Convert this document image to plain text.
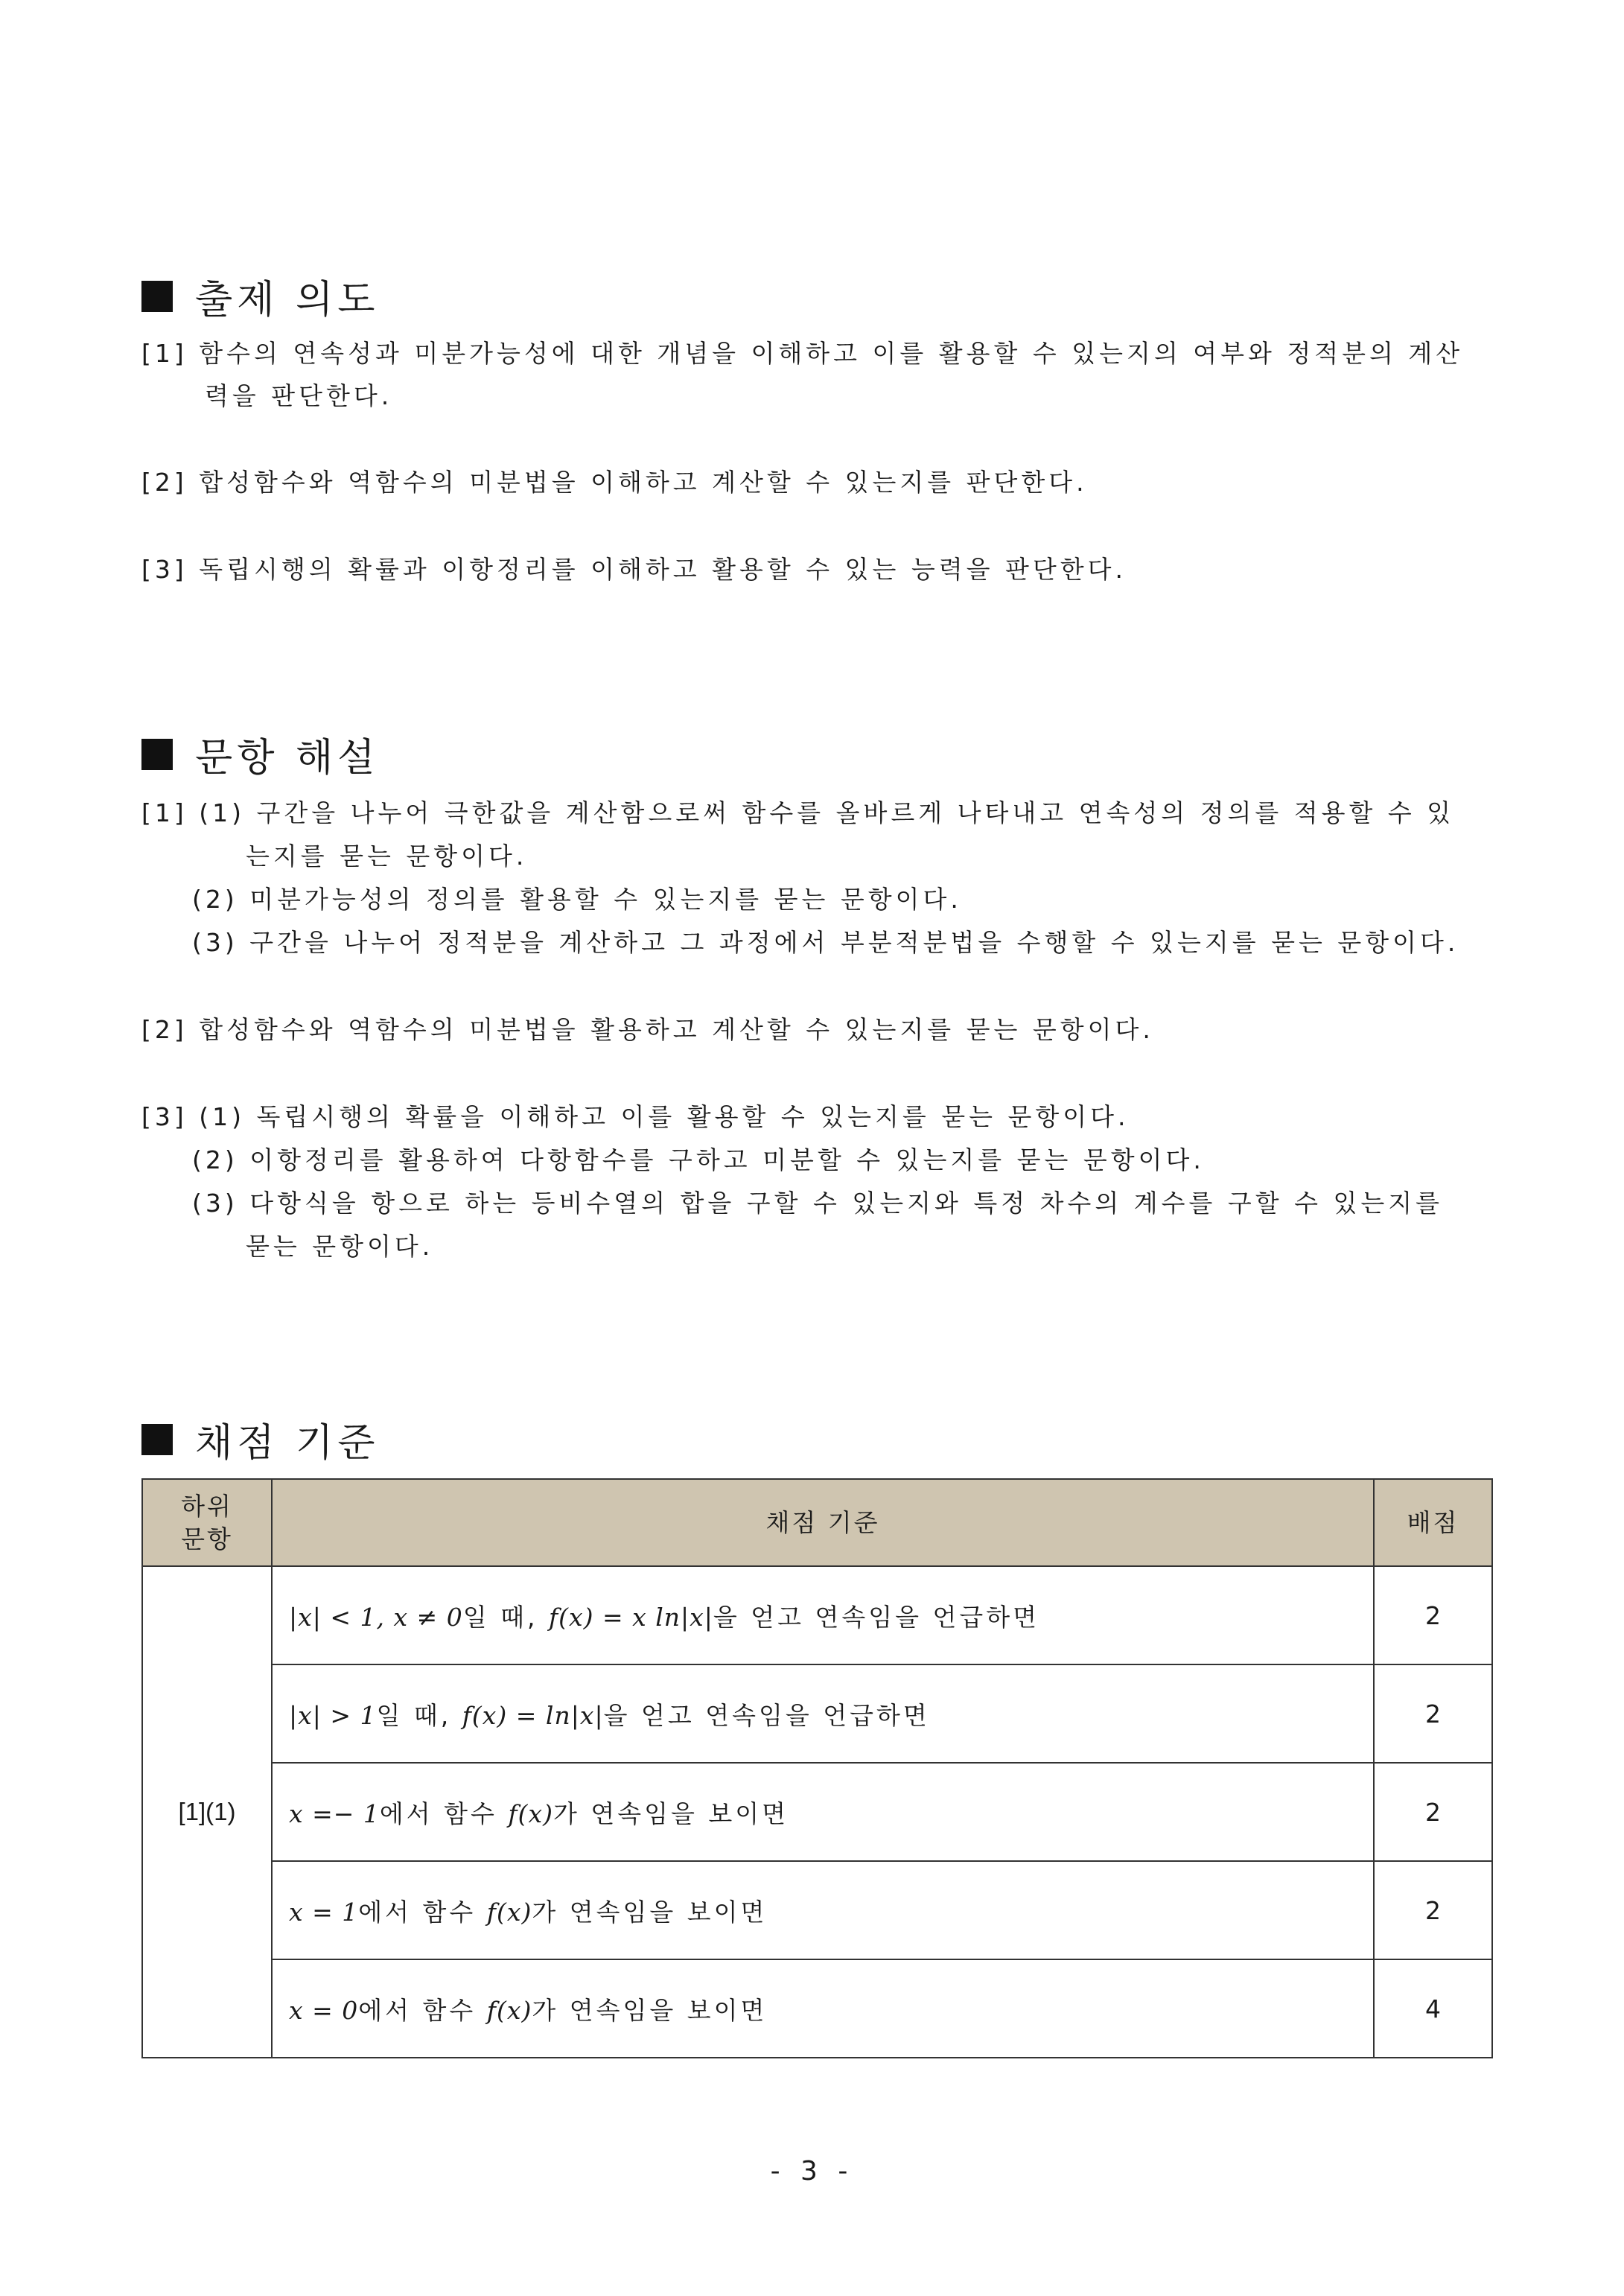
출제 의도
[1] 함수의 연속성과 미분가능성에 대한 개념을 이해하고 이를 활용할 수 있는지의 여부와 정적분의 계산
력을 판단한다.
[2] 합성함수와 역함수의 미분법을 이해하고 계산할 수 있는지를 판단한다.
[3] 독립시행의 확률과 이항정리를 이해하고 활용할 수 있는 능력을 판단한다.
문항 해설
[1] (1) 구간을 나누어 극한값을 계산함으로써 함수를 올바르게 나타내고 연속성의 정의를 적용할 수 있
는지를 묻는 문항이다.
(2) 미분가능성의 정의를 활용할 수 있는지를 묻는 문항이다.
(3) 구간을 나누어 정적분을 계산하고 그 과정에서 부분적분법을 수행할 수 있는지를 묻는 문항이다.
[2] 합성함수와 역함수의 미분법을 활용하고 계산할 수 있는지를 묻는 문항이다.
[3] (1) 독립시행의 확률을 이해하고 이를 활용할 수 있는지를 묻는 문항이다.
(2) 이항정리를 활용하여 다항함수를 구하고 미분할 수 있는지를 묻는 문항이다.
(3) 다항식을 항으로 하는 등비수열의 합을 구할 수 있는지와 특정 차수의 계수를 구할 수 있는지를
묻는 문항이다.
채점 기준
하위
문항	채점 기준	배점
[1](1)	|x| < 1, x ≠ 0일 때, f(x) = x ln|x|을 얻고 연속임을 언급하면	2
	|x| > 1일 때, f(x) = ln|x|을 얻고 연속임을 언급하면	2
	x =− 1에서 함수 f(x)가 연속임을 보이면	2
	x = 1에서 함수 f(x)가 연속임을 보이면	2
	x = 0에서 함수 f(x)가 연속임을 보이면	4
- 3 -
